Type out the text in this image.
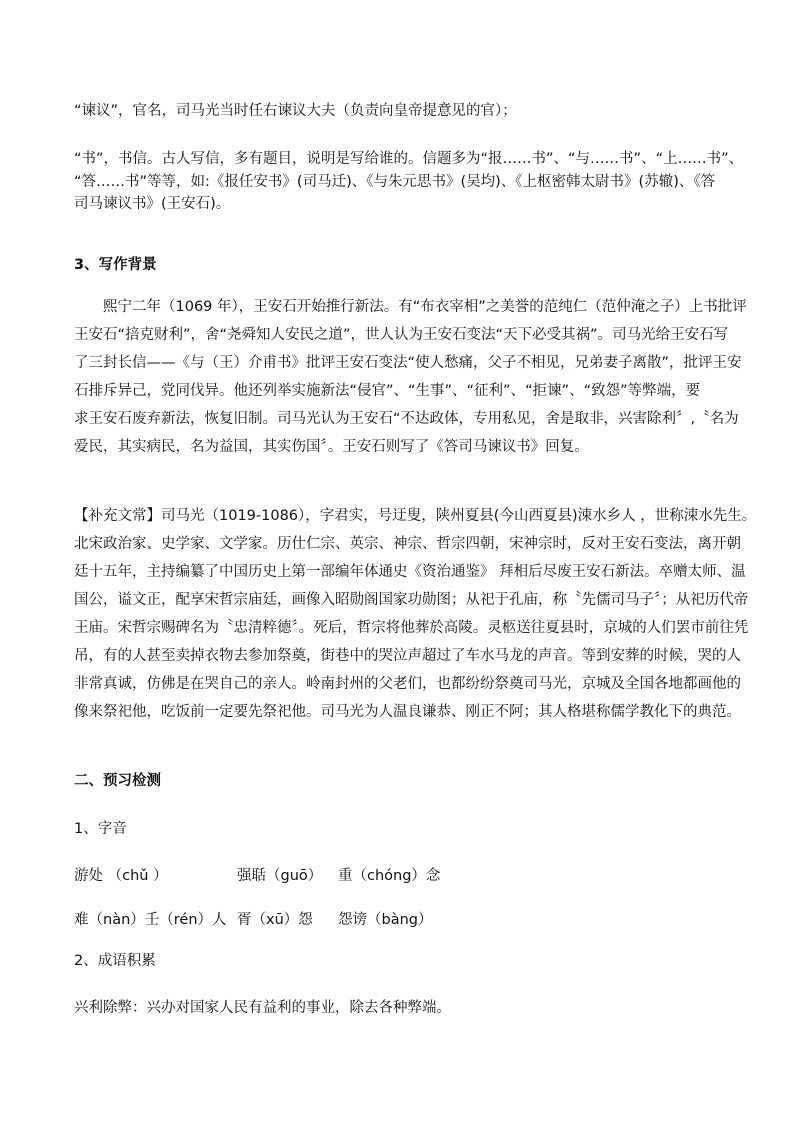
“谏议”，官名，司马光当时任右谏议大夫（负责向皇帝提意见的官）；

“书”，书信。古人写信，多有题目，说明是写给谁的。信题多为“报……书”、“与……书”、“上……书”、
“答……书”等等，如:《报任安书》(司马迁)、《与朱元思书》(吴均)、《上枢密韩太尉书》(苏辙)、《答
司马谏议书》(王安石)。

3、写作背景

熙宁二年（1069 年），王安石开始推行新法。有“布衣宰相”之美誉的范纯仁（范仲淹之子）上书批评
王安石“掊克财利”，舍“尧舜知人安民之道”，世人认为王安石变法“天下必受其祸”。司马光给王安石写
了三封长信——《与（王）介甫书》批评王安石变法“使人愁痛，父子不相见，兄弟妻子离散”，批评王安
石排斥异己，党同伐异。他还列举实施新法“侵官”、“生事”、“征利”、“拒谏”、“致怨”等弊端，要
求王安石废弃新法，恢复旧制。司马光认为王安石“不达政体，专用私见，舍是取非，兴害除利〞,〝名为
爱民，其实病民，名为益国，其实伤国〞。王安石则写了《答司马谏议书》回复。
【补充文常】司马光（1019-1086），字君实，号迂叟，陕州夏县(今山西夏县)涑水乡人 ，世称涑水先生。
北宋政治家、史学家、文学家。历仕仁宗、英宗、神宗、哲宗四朝，宋神宗时，反对王安石变法，离开朝
廷十五年，主持编纂了中国历史上第一部编年体通史《资治通鉴》 拜相后尽废王安石新法。卒赠太师、温
国公，谥文正，配享宋哲宗庙廷，画像入昭勋阁国家功勋图；从祀于孔庙，称〝先儒司马子〞；从祀历代帝
王庙。宋哲宗赐碑名为〝忠清粹德〞。死后，哲宗将他葬於高陵。灵柩送往夏县时，京城的人们罢市前往凭
吊，有的人甚至卖掉衣物去参加祭奠，街巷中的哭泣声超过了车水马龙的声音。等到安葬的时候，哭的人
非常真诚，仿佛是在哭自己的亲人。岭南封州的父老们，也都纷纷祭奠司马光，京城及全国各地都画他的
像来祭祀他，吃饭前一定要先祭祀他。司马光为人温良谦恭、刚正不阿；其人格堪称儒学教化下的典范。

二、预习检测

1、字音

游处 （chǔ ）	强聒（guō） 重（chóng）念
难（nàn）壬（rén）人 胥（xū）怨 怨谤（bàng）

2、成语积累

兴利除弊：兴办对国家人民有益利的事业，除去各种弊端。
